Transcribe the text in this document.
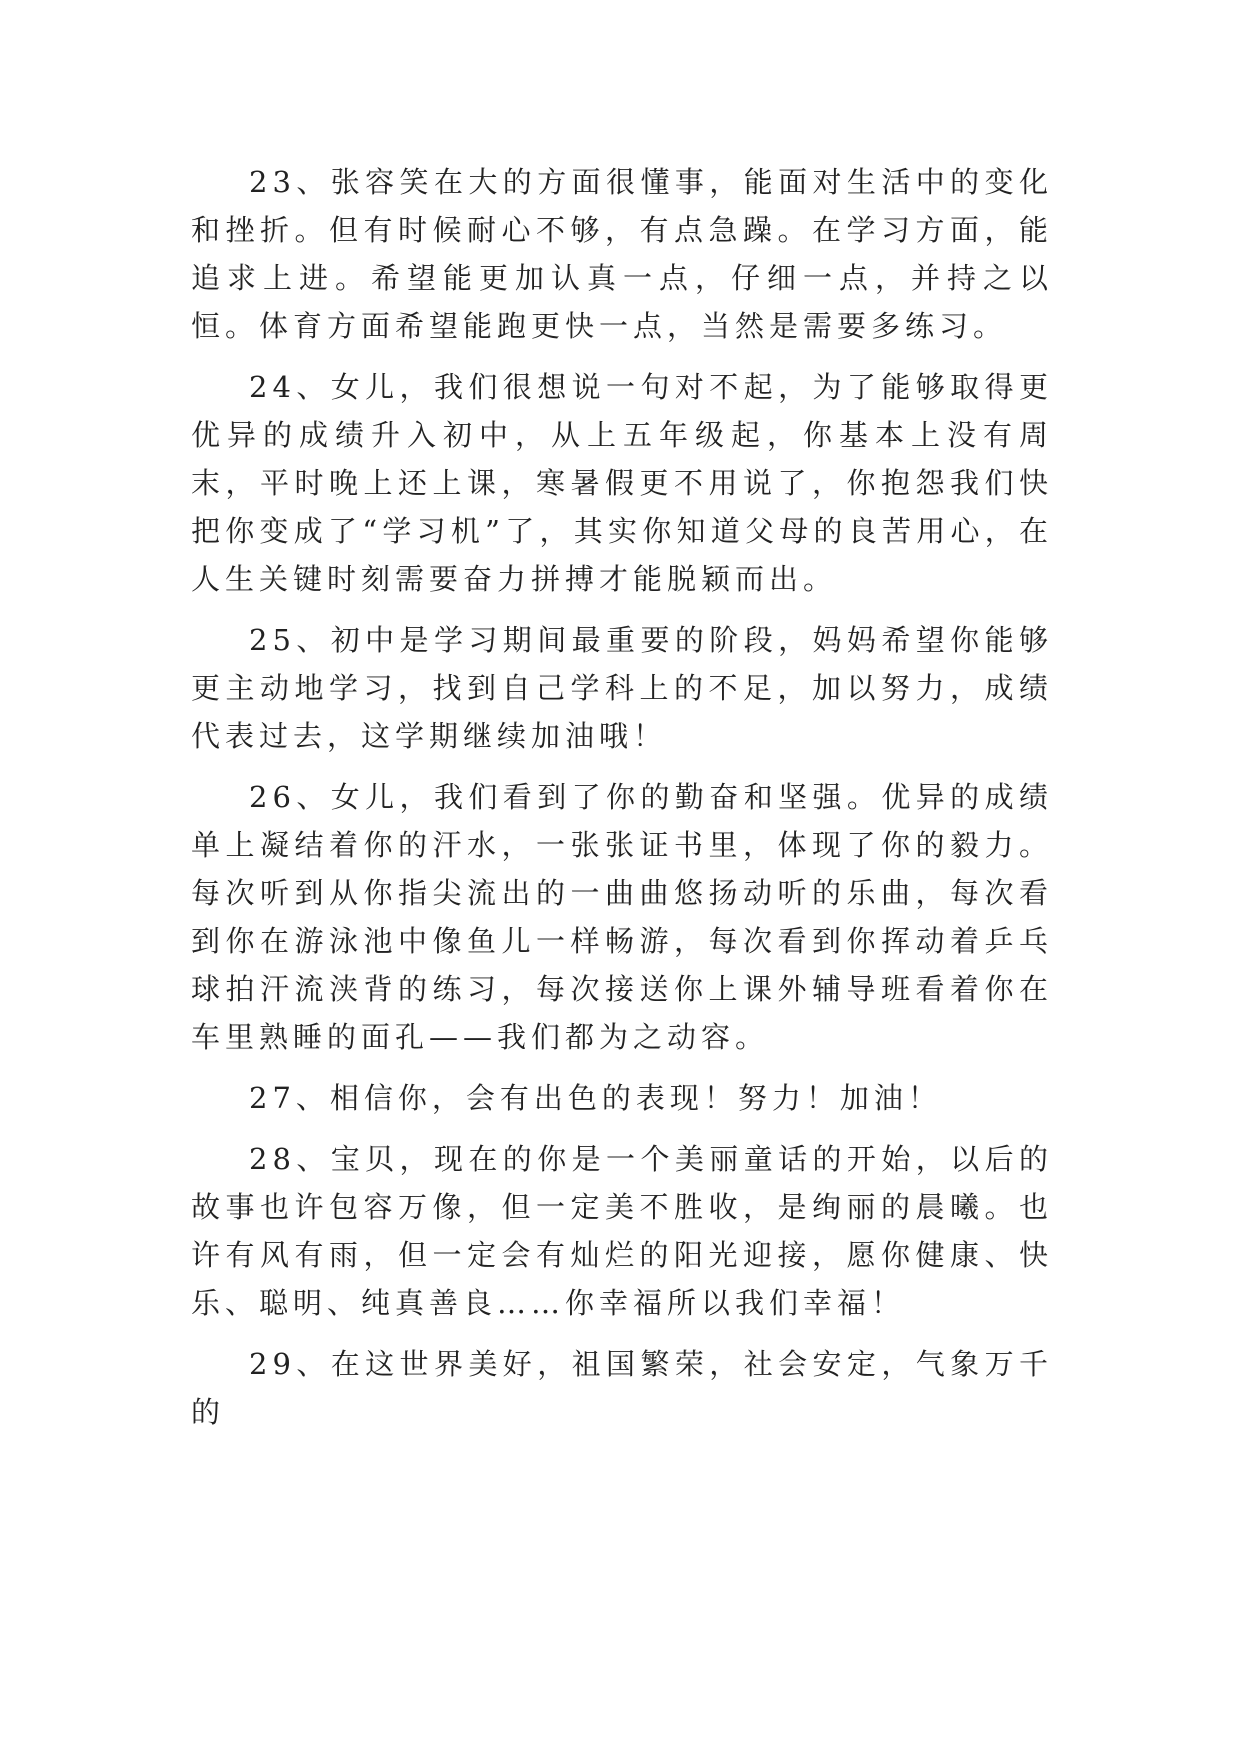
23、张容笑在大的方面很懂事，能面对生活中的变化和挫折。但有时候耐心不够，有点急躁。在学习方面，能追求上进。希望能更加认真一点，仔细一点，并持之以恒。体育方面希望能跑更快一点，当然是需要多练习。

24、女儿，我们很想说一句对不起，为了能够取得更优异的成绩升入初中，从上五年级起，你基本上没有周末，平时晚上还上课，寒暑假更不用说了，你抱怨我们快把你变成了“学习机”了，其实你知道父母的良苦用心，在人生关键时刻需要奋力拼搏才能脱颖而出。

25、初中是学习期间最重要的阶段，妈妈希望你能够更主动地学习，找到自己学科上的不足，加以努力，成绩代表过去，这学期继续加油哦！

26、女儿，我们看到了你的勤奋和坚强。优异的成绩单上凝结着你的汗水，一张张证书里，体现了你的毅力。每次听到从你指尖流出的一曲曲悠扬动听的乐曲，每次看到你在游泳池中像鱼儿一样畅游，每次看到你挥动着乒乓球拍汗流浃背的练习，每次接送你上课外辅导班看着你在车里熟睡的面孔——我们都为之动容。

27、相信你，会有出色的表现！努力！加油！

28、宝贝，现在的你是一个美丽童话的开始，以后的故事也许包容万像，但一定美不胜收，是绚丽的晨曦。也许有风有雨，但一定会有灿烂的阳光迎接，愿你健康、快乐、聪明、纯真善良……你幸福所以我们幸福！

29、在这世界美好，祖国繁荣，社会安定，气象万千的
